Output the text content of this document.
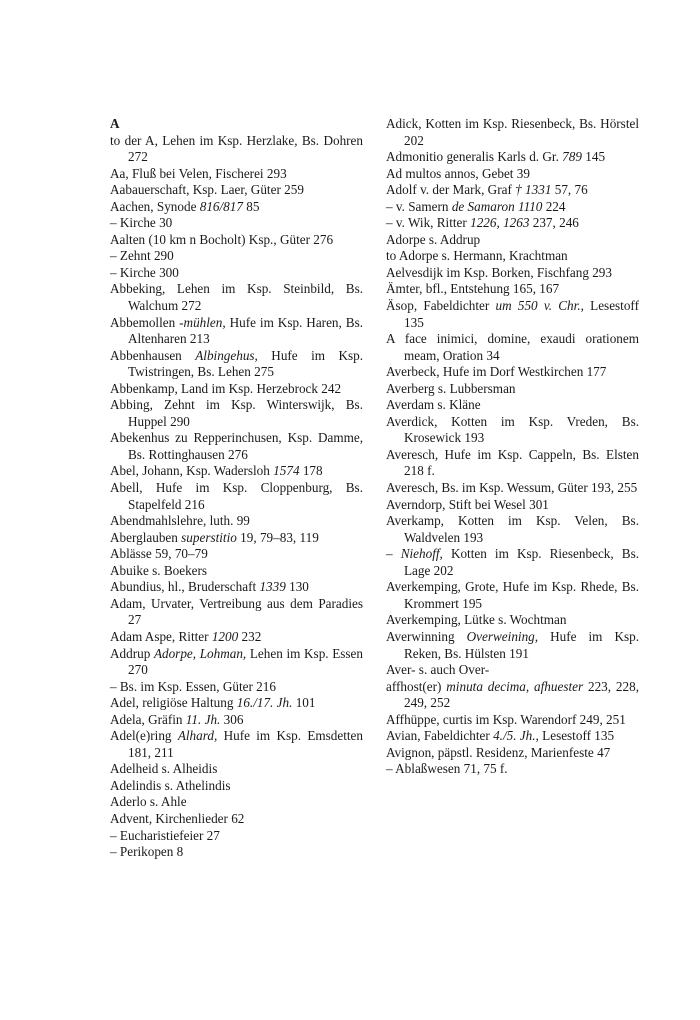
A
to der A, Lehen im Ksp. Herzlake, Bs. Dohren 272
Aa, Fluß bei Velen, Fischerei 293
Aabauerschaft, Ksp. Laer, Güter 259
Aachen, Synode 816/817 85
– Kirche 30
Aalten (10 km n Bocholt) Ksp., Güter 276
– Zehnt 290
– Kirche 300
Abbeking, Lehen im Ksp. Steinbild, Bs. Walchum 272
Abbemollen -mühlen, Hufe im Ksp. Haren, Bs. Altenharen 213
Abbenhausen Albingehus, Hufe im Ksp. Twistringen, Bs. Lehen 275
Abbenkamp, Land im Ksp. Herzebrock 242
Abbing, Zehnt im Ksp. Winterswijk, Bs. Huppel 290
Abekenhus zu Repperinchusen, Ksp. Damme, Bs. Rottinghausen 276
Abel, Johann, Ksp. Wadersloh 1574 178
Abell, Hufe im Ksp. Cloppenburg, Bs. Stapelfeld 216
Abendmahlslehre, luth. 99
Aberglauben superstitio 19, 79–83, 119
Ablässe 59, 70–79
Abuike s. Boekers
Abundius, hl., Bruderschaft 1339 130
Adam, Urvater, Vertreibung aus dem Paradies 27
Adam Aspe, Ritter 1200 232
Addrup Adorpe, Lohman, Lehen im Ksp. Essen 270
– Bs. im Ksp. Essen, Güter 216
Adel, religiöse Haltung 16./17. Jh. 101
Adela, Gräfin 11. Jh. 306
Adel(e)ring Alhard, Hufe im Ksp. Emsdetten 181, 211
Adelheid s. Alheidis
Adelindis s. Athelindis
Aderlo s. Ahle
Advent, Kirchenlieder 62
– Eucharistiefeier 27
– Perikopen 8
Adick, Kotten im Ksp. Riesenbeck, Bs. Hörstel 202
Admonitio generalis Karls d. Gr. 789 145
Ad multos annos, Gebet 39
Adolf v. der Mark, Graf † 1331 57, 76
– v. Samern de Samaron 1110 224
– v. Wik, Ritter 1226, 1263 237, 246
Adorpe s. Addrup
to Adorpe s. Hermann, Krachtman
Aelvesdijk im Ksp. Borken, Fischfang 293
Ämter, bfl., Entstehung 165, 167
Äsop, Fabeldichter um 550 v. Chr., Lesestoff 135
A face inimici, domine, exaudi orationem meam, Oration 34
Averbeck, Hufe im Dorf Westkirchen 177
Averberg s. Lubbersman
Averdam s. Kläne
Averdick, Kotten im Ksp. Vreden, Bs. Krosewick 193
Averesch, Hufe im Ksp. Cappeln, Bs. Elsten 218 f.
Averesch, Bs. im Ksp. Wessum, Güter 193, 255
Averndorp, Stift bei Wesel 301
Averkamp, Kotten im Ksp. Velen, Bs. Waldvelen 193
– Niehoff, Kotten im Ksp. Riesenbeck, Bs. Lage 202
Averkemping, Grote, Hufe im Ksp. Rhede, Bs. Krommert 195
Averkemping, Lütke s. Wochtman
Averwinning Overweining, Hufe im Ksp. Reken, Bs. Hülsten 191
Aver- s. auch Over-
affhost(er) minuta decima, afhuester 223, 228, 249, 252
Affhüppe, curtis im Ksp. Warendorf 249, 251
Avian, Fabeldichter 4./5. Jh., Lesestoff 135
Avignon, päpstl. Residenz, Marienfeste 47
– Ablaßwesen 71, 75 f.
